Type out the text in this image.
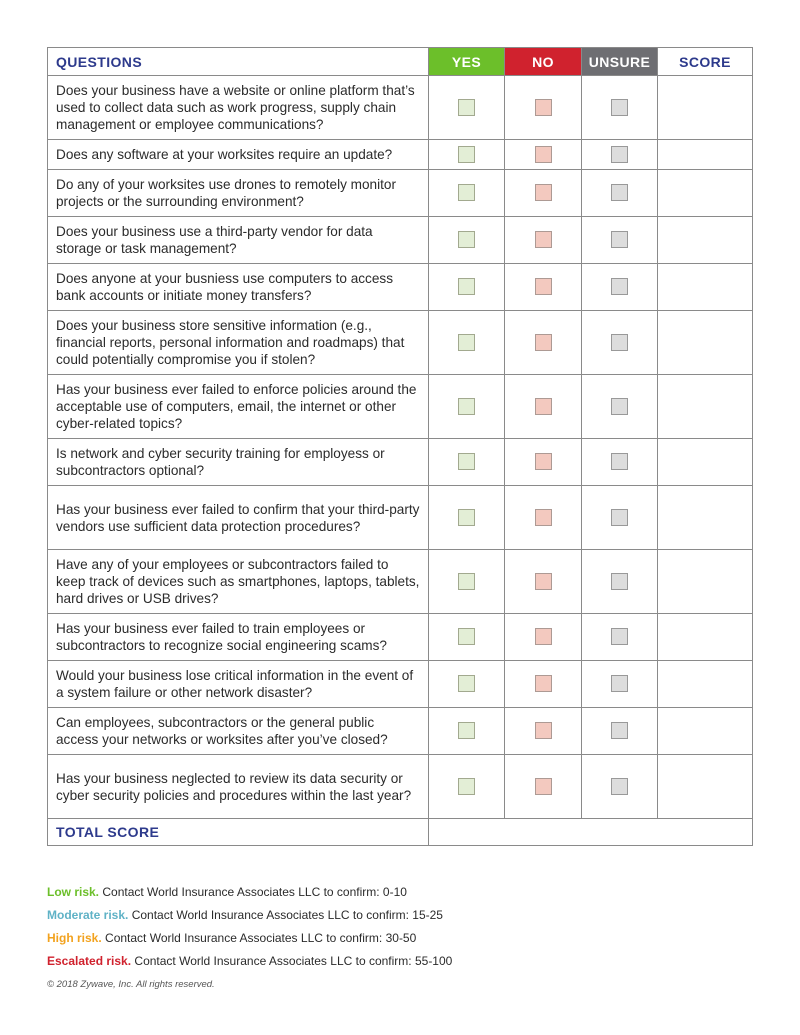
QUESTIONS	YES	NO	UNSURE	SCORE
Does your business have a website or online platform that’s used to collect data such as work progress, supply chain management or employee communications?				
Does any software at your worksites require an update?				
Do any of your worksites use drones to remotely monitor projects or the surrounding environment?				
Does your business use a third-party vendor for data storage or task management?				
Does anyone at your busniess use computers to access bank accounts or initiate money transfers?				
Does your business store sensitive information (e.g., financial reports, personal information and roadmaps) that could potentially compromise you if stolen?				
Has your business ever failed to enforce policies around the acceptable use of computers, email, the internet or other cyber-related topics?				
Is network and cyber security training for employess or subcontractors optional?				
Has your business ever failed to confirm that your third-party vendors use sufficient data protection procedures?				
Have any of your employees or subcontractors failed to keep track of devices such as smartphones, laptops, tablets, hard drives or USB drives?				
Has your business ever failed to train employees or subcontractors to recognize social engineering scams?				
Would your business lose critical information in the event of a system failure or other network disaster?				
Can employees, subcontractors or the general public access your networks or worksites after you’ve closed?				
Has your business neglected to review its data security or cyber security policies and procedures within the last year?				
TOTAL SCORE				
Low risk. Contact World Insurance Associates LLC to confirm: 0-10
Moderate risk. Contact World Insurance Associates LLC to confirm: 15-25
High risk. Contact World Insurance Associates LLC to confirm: 30-50
Escalated risk. Contact World Insurance Associates LLC to confirm: 55-100
© 2018 Zywave, Inc. All rights reserved.
